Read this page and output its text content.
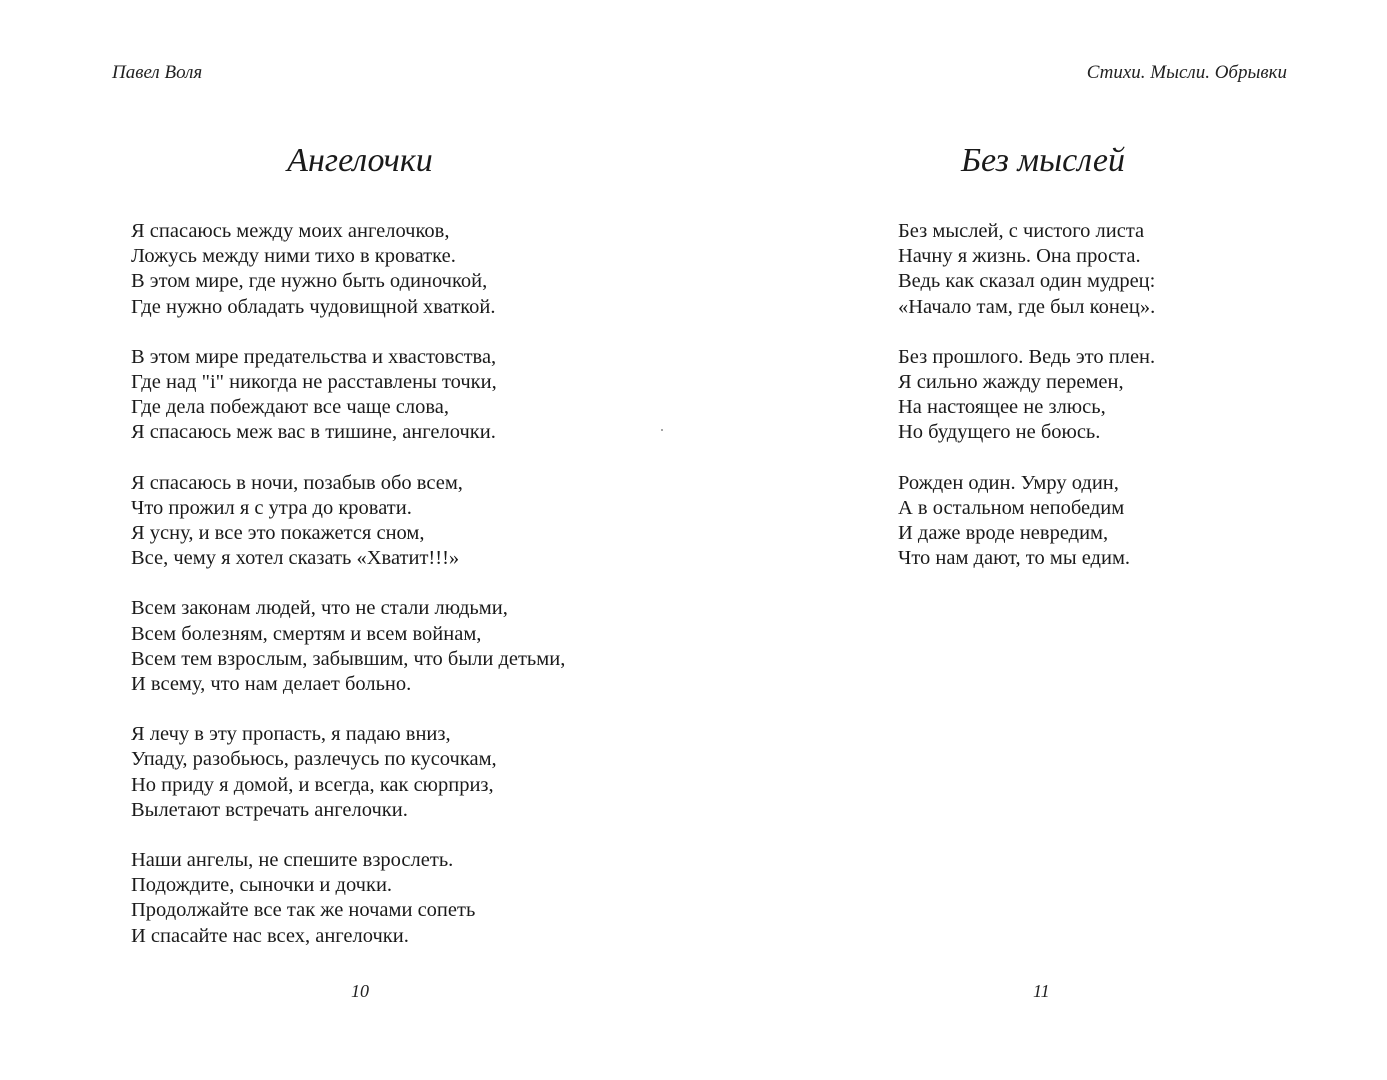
Павел Воля
Ангелочки
Я спасаюсь между моих ангелочков,
Ложусь между ними тихо в кроватке.
В этом мире, где нужно быть одиночкой,
Где нужно обладать чудовищной хваткой.
В этом мире предательства и хвастовства,
Где над "i" никогда не расставлены точки,
Где дела побеждают все чаще слова,
Я спасаюсь меж вас в тишине, ангелочки.
Я спасаюсь в ночи, позабыв обо всем,
Что прожил я с утра до кровати.
Я усну, и все это покажется сном,
Все, чему я хотел сказать «Хватит!!!»
Всем законам людей, что не стали людьми,
Всем болезням, смертям и всем войнам,
Всем тем взрослым, забывшим, что были детьми,
И всему, что нам делает больно.
Я лечу в эту пропасть, я падаю вниз,
Упаду, разобьюсь, разлечусь по кусочкам,
Но приду я домой, и всегда, как сюрприз,
Вылетают встречать ангелочки.
Наши ангелы, не спешите взрослеть.
Подождите, сыночки и дочки.
Продолжайте все так же ночами сопеть
И спасайте нас всех, ангелочки.
10
Стихи. Мысли. Обрывки
Без мыслей
Без мыслей, с чистого листа
Начну я жизнь. Она проста.
Ведь как сказал один мудрец:
«Начало там, где был конец».
Без прошлого. Ведь это плен.
Я сильно жажду перемен,
На настоящее не злюсь,
Но будущего не боюсь.
Рожден один. Умру один,
А в остальном непобедим
И даже вроде невредим,
Что нам дают, то мы едим.
11
